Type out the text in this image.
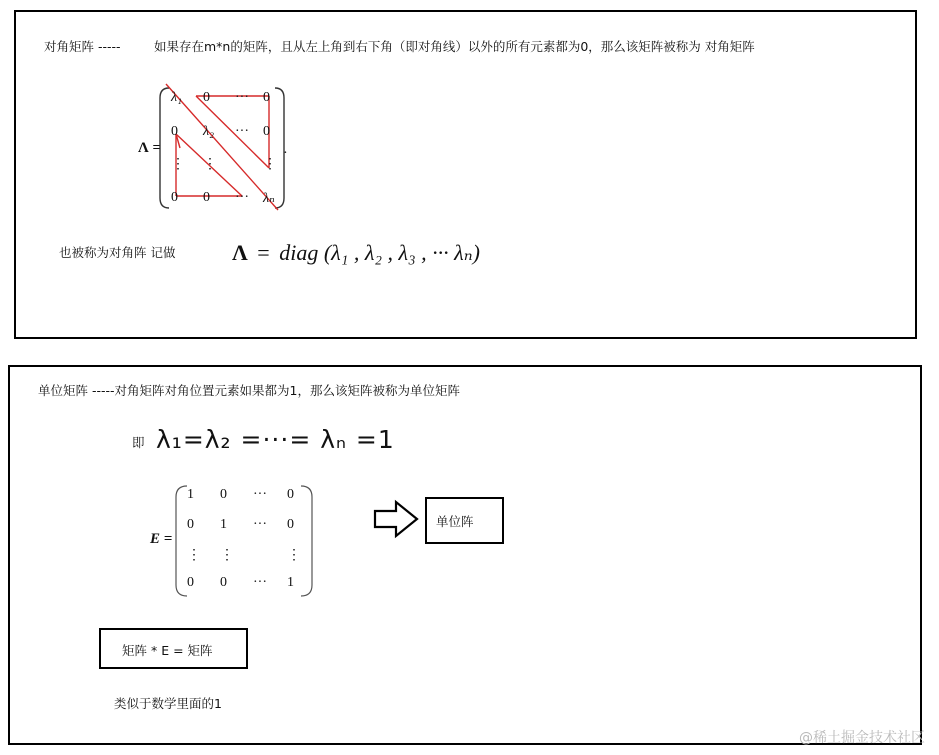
对角矩阵 -----	如果存在m*n的矩阵，且从左上角到右下角（即对角线）以外的所有元素都为0，那么该矩阵被称为 对角矩阵
Λ =
λ₁ 0 ··· 0
0 λ₂ ··· 0
⋮ ⋮	⋮
0 0 ··· λₙ
.
也被称为对角阵 记做	Λ = diag (λ₁ , λ₂ , λ₃ , ··· λₙ)
单位矩阵 -----对角矩阵对角位置元素如果都为1，那么该矩阵被称为单位矩阵
即 λ₁=λ₂ =···= λₙ =1
E =
1 0 ··· 0
0 1 ··· 0
⋮ ⋮	⋮
0 0 ··· 1
单位阵
矩阵 * E = 矩阵
类似于数学里面的1
@稀土掘金技术社区
